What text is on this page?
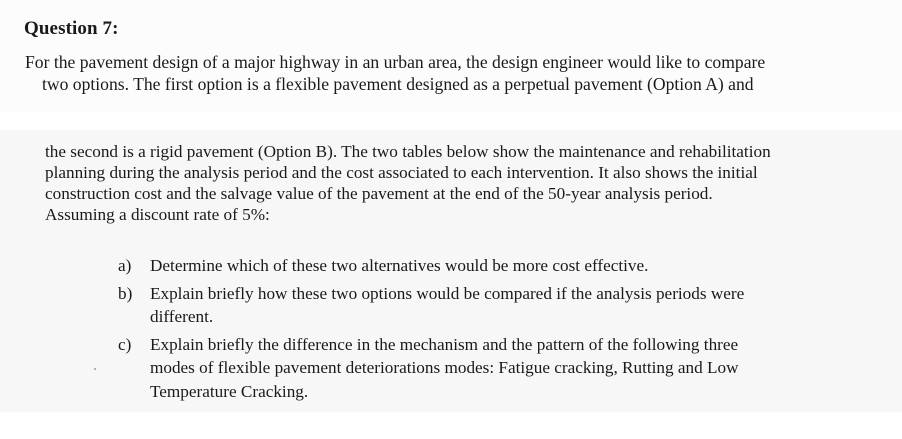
Question 7:

For the pavement design of a major highway in an urban area, the design engineer would like to compare
two options. The first option is a flexible pavement designed as a perpetual pavement (Option A) and

the second is a rigid pavement (Option B). The two tables below show the maintenance and rehabilitation
planning during the analysis period and the cost associated to each intervention. It also shows the initial
construction cost and the salvage value of the pavement at the end of the 50-year analysis period.
Assuming a discount rate of 5%:

a) Determine which of these two alternatives would be more cost effective.
b) Explain briefly how these two options would be compared if the analysis periods were
different.
c) Explain briefly the difference in the mechanism and the pattern of the following three
modes of flexible pavement deteriorations modes: Fatigue cracking, Rutting and Low
Temperature Cracking.
